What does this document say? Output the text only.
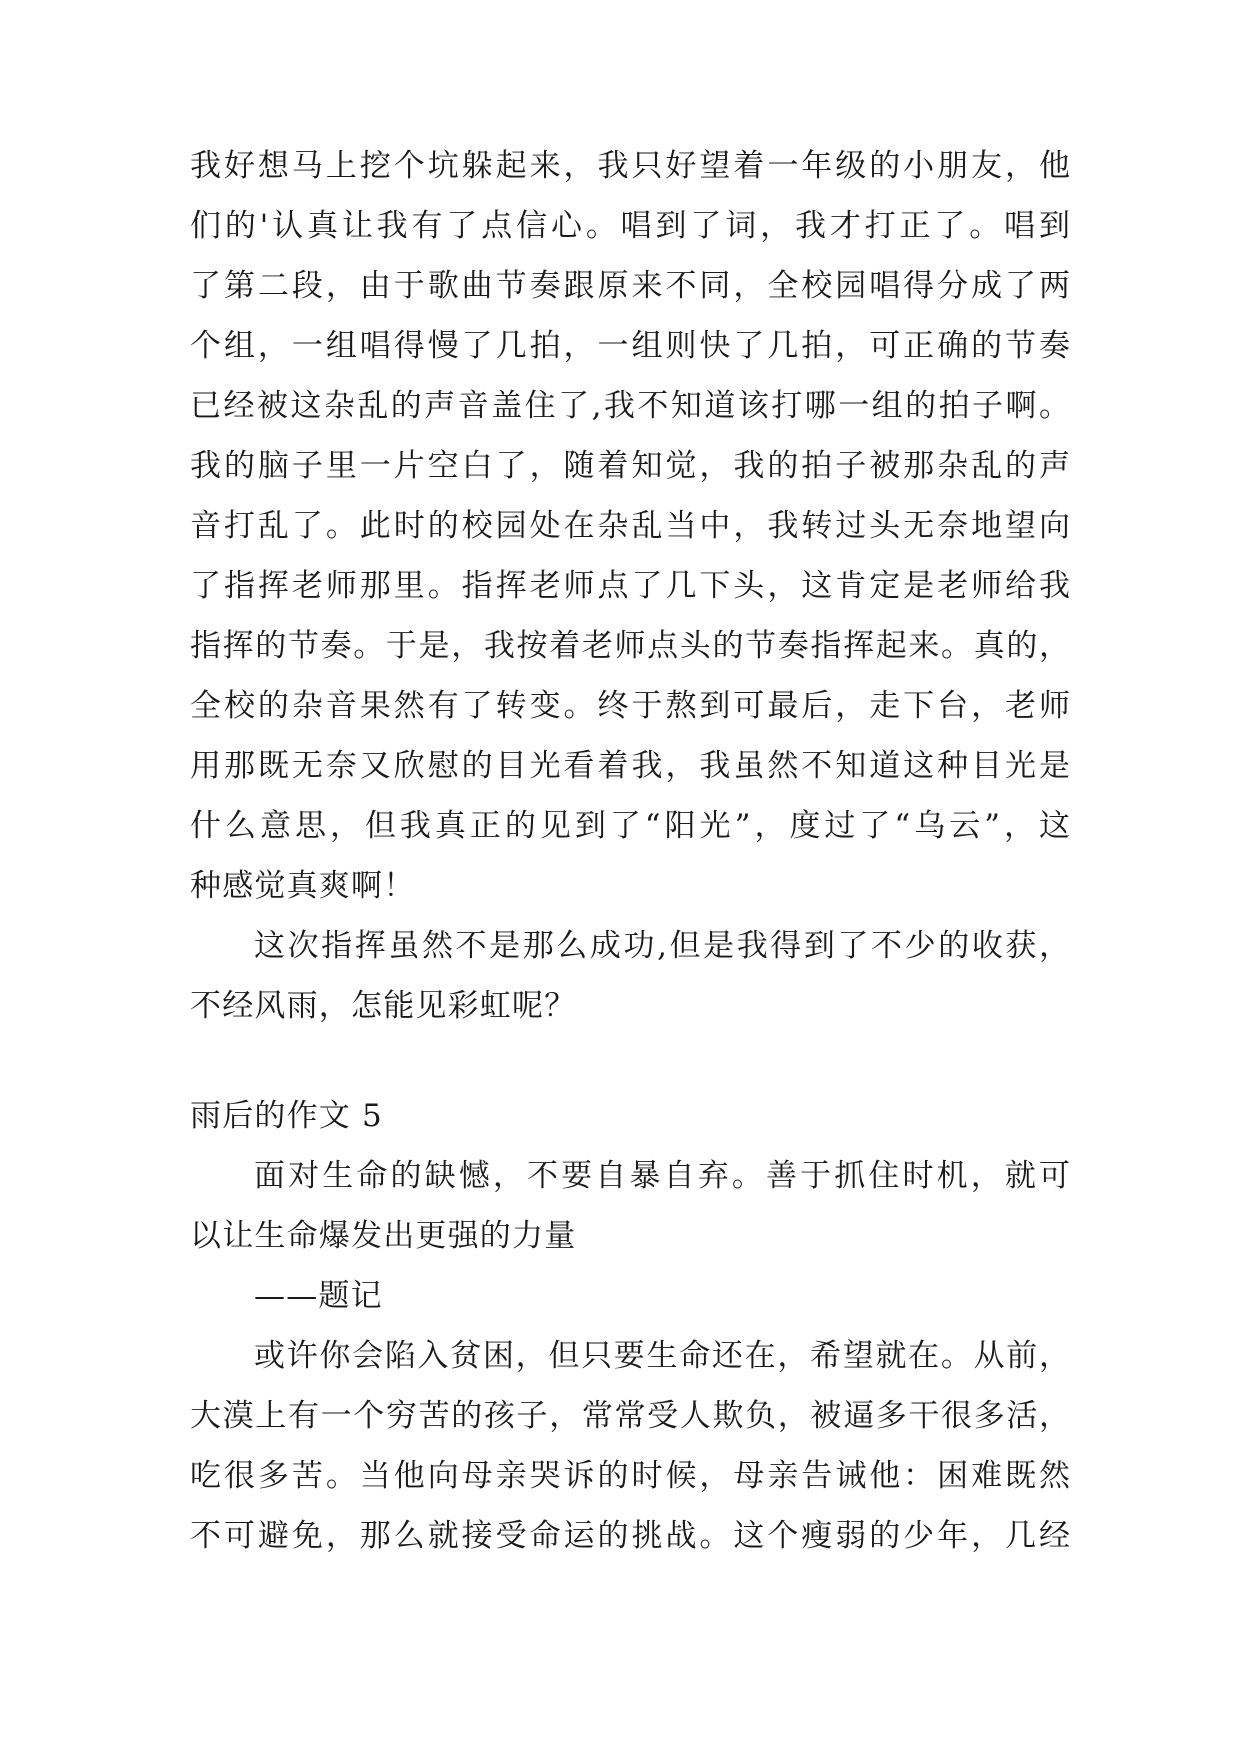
我好想马上挖个坑躲起来，我只好望着一年级的小朋友，他
们的'认真让我有了点信心。唱到了词，我才打正了。唱到
了第二段，由于歌曲节奏跟原来不同，全校园唱得分成了两
个组，一组唱得慢了几拍，一组则快了几拍，可正确的节奏
已经被这杂乱的声音盖住了,我不知道该打哪一组的拍子啊。
我的脑子里一片空白了，随着知觉，我的拍子被那杂乱的声
音打乱了。此时的校园处在杂乱当中，我转过头无奈地望向
了指挥老师那里。指挥老师点了几下头，这肯定是老师给我
指挥的节奏。于是，我按着老师点头的节奏指挥起来。真的，
全校的杂音果然有了转变。终于熬到可最后，走下台，老师
用那既无奈又欣慰的目光看着我，我虽然不知道这种目光是
什么意思，但我真正的见到了“阳光”，度过了“乌云”，这
种感觉真爽啊！
这次指挥虽然不是那么成功,但是我得到了不少的收获，
不经风雨，怎能见彩虹呢？
雨后的作文 5
面对生命的缺憾，不要自暴自弃。善于抓住时机，就可
以让生命爆发出更强的力量
——题记
或许你会陷入贫困，但只要生命还在，希望就在。从前，
大漠上有一个穷苦的孩子，常常受人欺负，被逼多干很多活，
吃很多苦。当他向母亲哭诉的时候，母亲告诫他：困难既然
不可避免，那么就接受命运的挑战。这个瘦弱的少年，几经
